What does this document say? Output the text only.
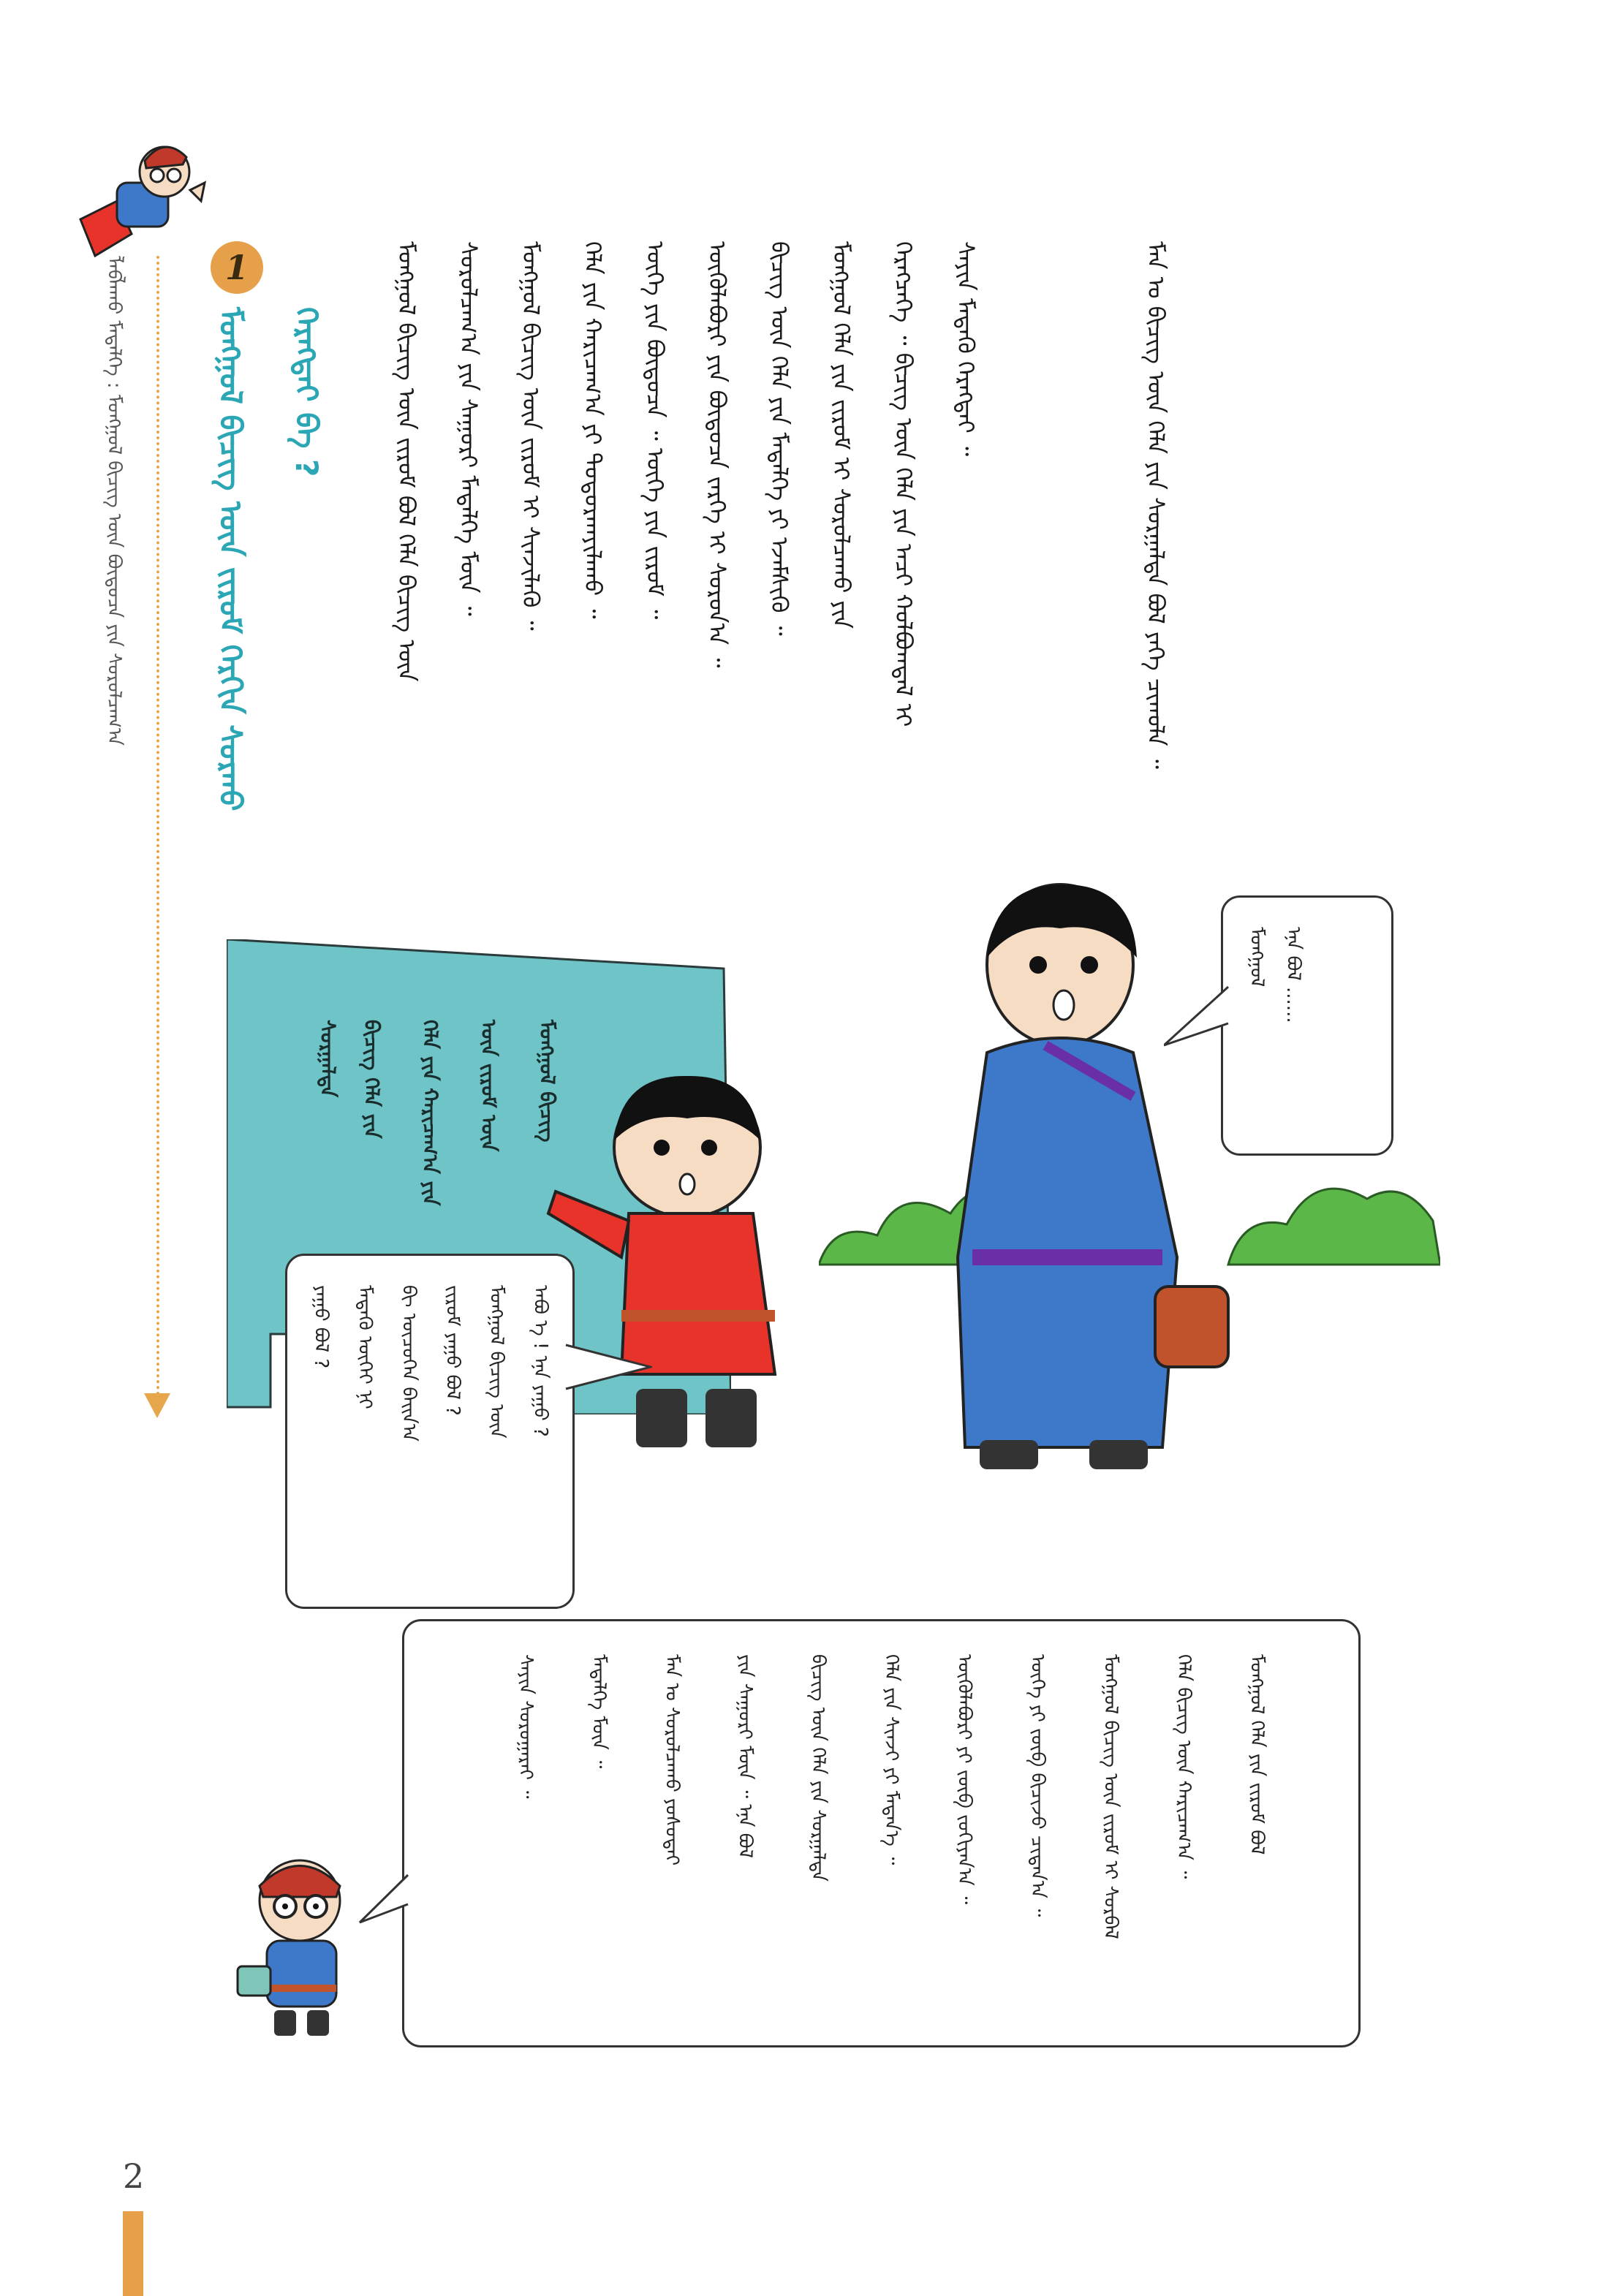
ᠯᠠᠪᠯᠠᠬᠤ ᠮᠡᠳᠡᠯᠭᠡ : ᠮᠣᠩᠭᠣᠯ ᠪᠢᠴᠢᠭ᠌ ᠦᠨ ᠪᠦᠲᠦᠴᠡ ᠶᠢᠨ ᠰᠤᠷᠤᠯᠴᠠᠭ᠎ᠠ	1
ᠮᠣᠩᠭᠣᠯ ᠪᠢᠴᠢᠭ᠌ ᠦᠨ ᠵᠢᠷᠤᠮ ᠬᠡᠷᠬᠢᠨ ᠰᠤᠷᠬᠤ	ᠬᠡᠷᠡᠭᠳᠡᠢ ᠪᠡ ?	ᠮᠣᠩᠭᠣᠯ ᠪᠢᠴᠢᠭ᠌ ᠦᠨ ᠵᠢᠷᠤᠮ ᠪᠣᠯ ᠬᠡᠯᠡ ᠪᠢᠴᠢᠭ᠌ ᠦᠨ	ᠰᠤᠷᠤᠯᠴᠠᠭ᠎ᠠ ᠶᠢᠨ ᠰᠠᠭᠤᠷᠢ ᠮᠡᠳᠡᠯᠭᠡ ᠮᠦᠨ ᠃	ᠮᠣᠩᠭᠣᠯ ᠪᠢᠴᠢᠭ᠌ ᠦᠨ ᠵᠢᠷᠤᠮ ᠢ ᠰᠢᠨᠵᠢᠯᠡᠬᠦ ᠃	ᠬᠡᠯᠡ ᠶᠢᠨ ᠬᠠᠷᠢᠴᠠᠭ᠎ᠠ ᠶᠢ ᠲᠣᠳᠣᠷᠬᠠᠶᠢᠯᠠᠬᠤ ᠃	ᠦᠭᠡ ᠶᠢᠨ ᠪᠦᠲᠦᠴᠡ ᠃ ᠦᠭᠡ ᠶᠢᠨ ᠵᠢᠷᠤᠮ ᠃	ᠦᠭᠦᠯᠡᠪᠦᠷᠢ ᠶᠢᠨ ᠪᠦᠲᠦᠴᠡ ᠵᠡᠷᠭᠡ ᠢ ᠰᠤᠷᠤᠨ᠎ᠠ ᠃	ᠪᠢᠴᠢᠭ᠌ ᠦᠨ ᠬᠡᠯᠡ ᠶᠢᠨ ᠮᠡᠳᠡᠯᠭᠡ ᠶᠢ ᠡᠵᠡᠮᠰᠢᠬᠦ ᠃	ᠮᠣᠩᠭᠣᠯ ᠬᠡᠯᠡ ᠶᠢᠨ ᠵᠢᠷᠤᠮ ᠢ ᠰᠤᠷᠤᠯᠴᠠᠬᠤ ᠶᠢᠨ	ᠬᠡᠷᠡᠭᠴᠡᠭᠡ ᠃ ᠪᠢᠴᠢᠭ᠌ ᠦᠨ ᠬᠡᠯᠡ ᠶᠢᠨ ᠠᠴᠢ ᠬᠣᠯᠪᠣᠭᠳᠠᠯ ᠢ	ᠰᠠᠶᠢᠨ ᠮᠡᠳᠡᠬᠦ ᠬᠡᠷᠡᠭᠲᠡᠢ ᠃	ᠮᠠᠨ ᠤ ᠪᠢᠴᠢᠭ᠌ ᠦᠨ ᠬᠡᠯᠡ ᠶᠢᠨ ᠰᠤᠷᠭᠠᠯᠲᠠ ᠪᠣᠯ ᠶᠡᠬᠡ ᠴᠢᠬᠤᠯᠠ ᠃
ᠮᠣᠩᠭᠣᠯ ᠪᠢᠴᠢᠭ᠌
ᠦᠨ ᠵᠢᠷᠤᠮ ᠦᠨ
ᠬᠡᠯᠡ ᠶᠢᠨ ᠬᠠᠷᠢᠴᠠᠭ᠎ᠠ ᠶᠢᠨ
ᠪᠢᠴᠢᠭ᠌ ᠬᠡᠯᠡ ᠶᠢᠨ
ᠰᠤᠷᠭᠠᠯᠲᠠ
ᠡᠨᠡ ᠪᠣᠯ ......
ᠮᠣᠩᠭᠣᠯ
ᠠᠪᠤ ᠡ ! ᠡᠨᠡ ᠶᠠᠭᠤ ?
ᠮᠣᠩᠭᠣᠯ ᠪᠢᠴᠢᠭ᠌ ᠦᠨ
ᠵᠢᠷᠤᠮ ᠶᠠᠭᠤ ᠪᠣᠯ ?
ᠪᠢ ᠦᠴᠦᠬᠡᠨ ᠪᠠᠢᠨ᠎ᠠ
ᠮᠡᠳᠡᠬᠦ ᠦᠭᠡᠢ ᠨᠢ
ᠶᠠᠭᠤ ᠪᠣᠯ ?
ᠮᠣᠩᠭᠣᠯ ᠬᠡᠯᠡ ᠶᠢᠨ ᠵᠢᠷᠤᠮ ᠪᠣᠯ
ᠬᠡᠯᠡ ᠪᠢᠴᠢᠭ᠌ ᠦᠨ ᠬᠠᠷᠢᠴᠠᠭ᠎ᠠ ᠃
ᠮᠣᠩᠭᠣᠯ ᠪᠢᠴᠢᠭ᠌ ᠦᠨ ᠵᠢᠷᠤᠮ ᠢ ᠰᠤᠷᠪᠠᠯ
ᠦᠭᠡ ᠶᠢ ᠵᠦᠪ ᠪᠢᠴᠢᠵᠦ ᠴᠢᠳᠠᠨ᠎ᠠ ᠃
ᠦᠭᠦᠯᠡᠪᠦᠷᠢ ᠶᠢ ᠵᠦᠪ ᠵᠣᠬᠢᠶᠠᠨ᠎ᠠ ᠃
ᠬᠡᠯᠡ ᠶᠢᠨ ᠰᠢᠨᠵᠢ ᠶᠢ ᠮᠡᠳᠡᠨ᠎ᠡ ᠃
ᠪᠢᠴᠢᠭ᠌ ᠦᠨ ᠬᠡᠯᠡ ᠶᠢᠨ ᠰᠤᠷᠭᠠᠯᠲᠠ
ᠶᠢᠨ ᠰᠠᠭᠤᠷᠢ ᠮᠦᠨ ᠃ ᠡᠨᠡ ᠪᠣᠯ
ᠮᠠᠨ ᠤ ᠰᠤᠷᠤᠯᠴᠠᠬᠤ ᠶᠣᠰᠣᠲᠠᠢ
ᠮᠡᠳᠡᠯᠭᠡ ᠮᠦᠨ ᠃
ᠰᠠᠶᠢᠨ ᠰᠤᠷᠤᠭᠠᠷᠠᠢ ᠃
2
